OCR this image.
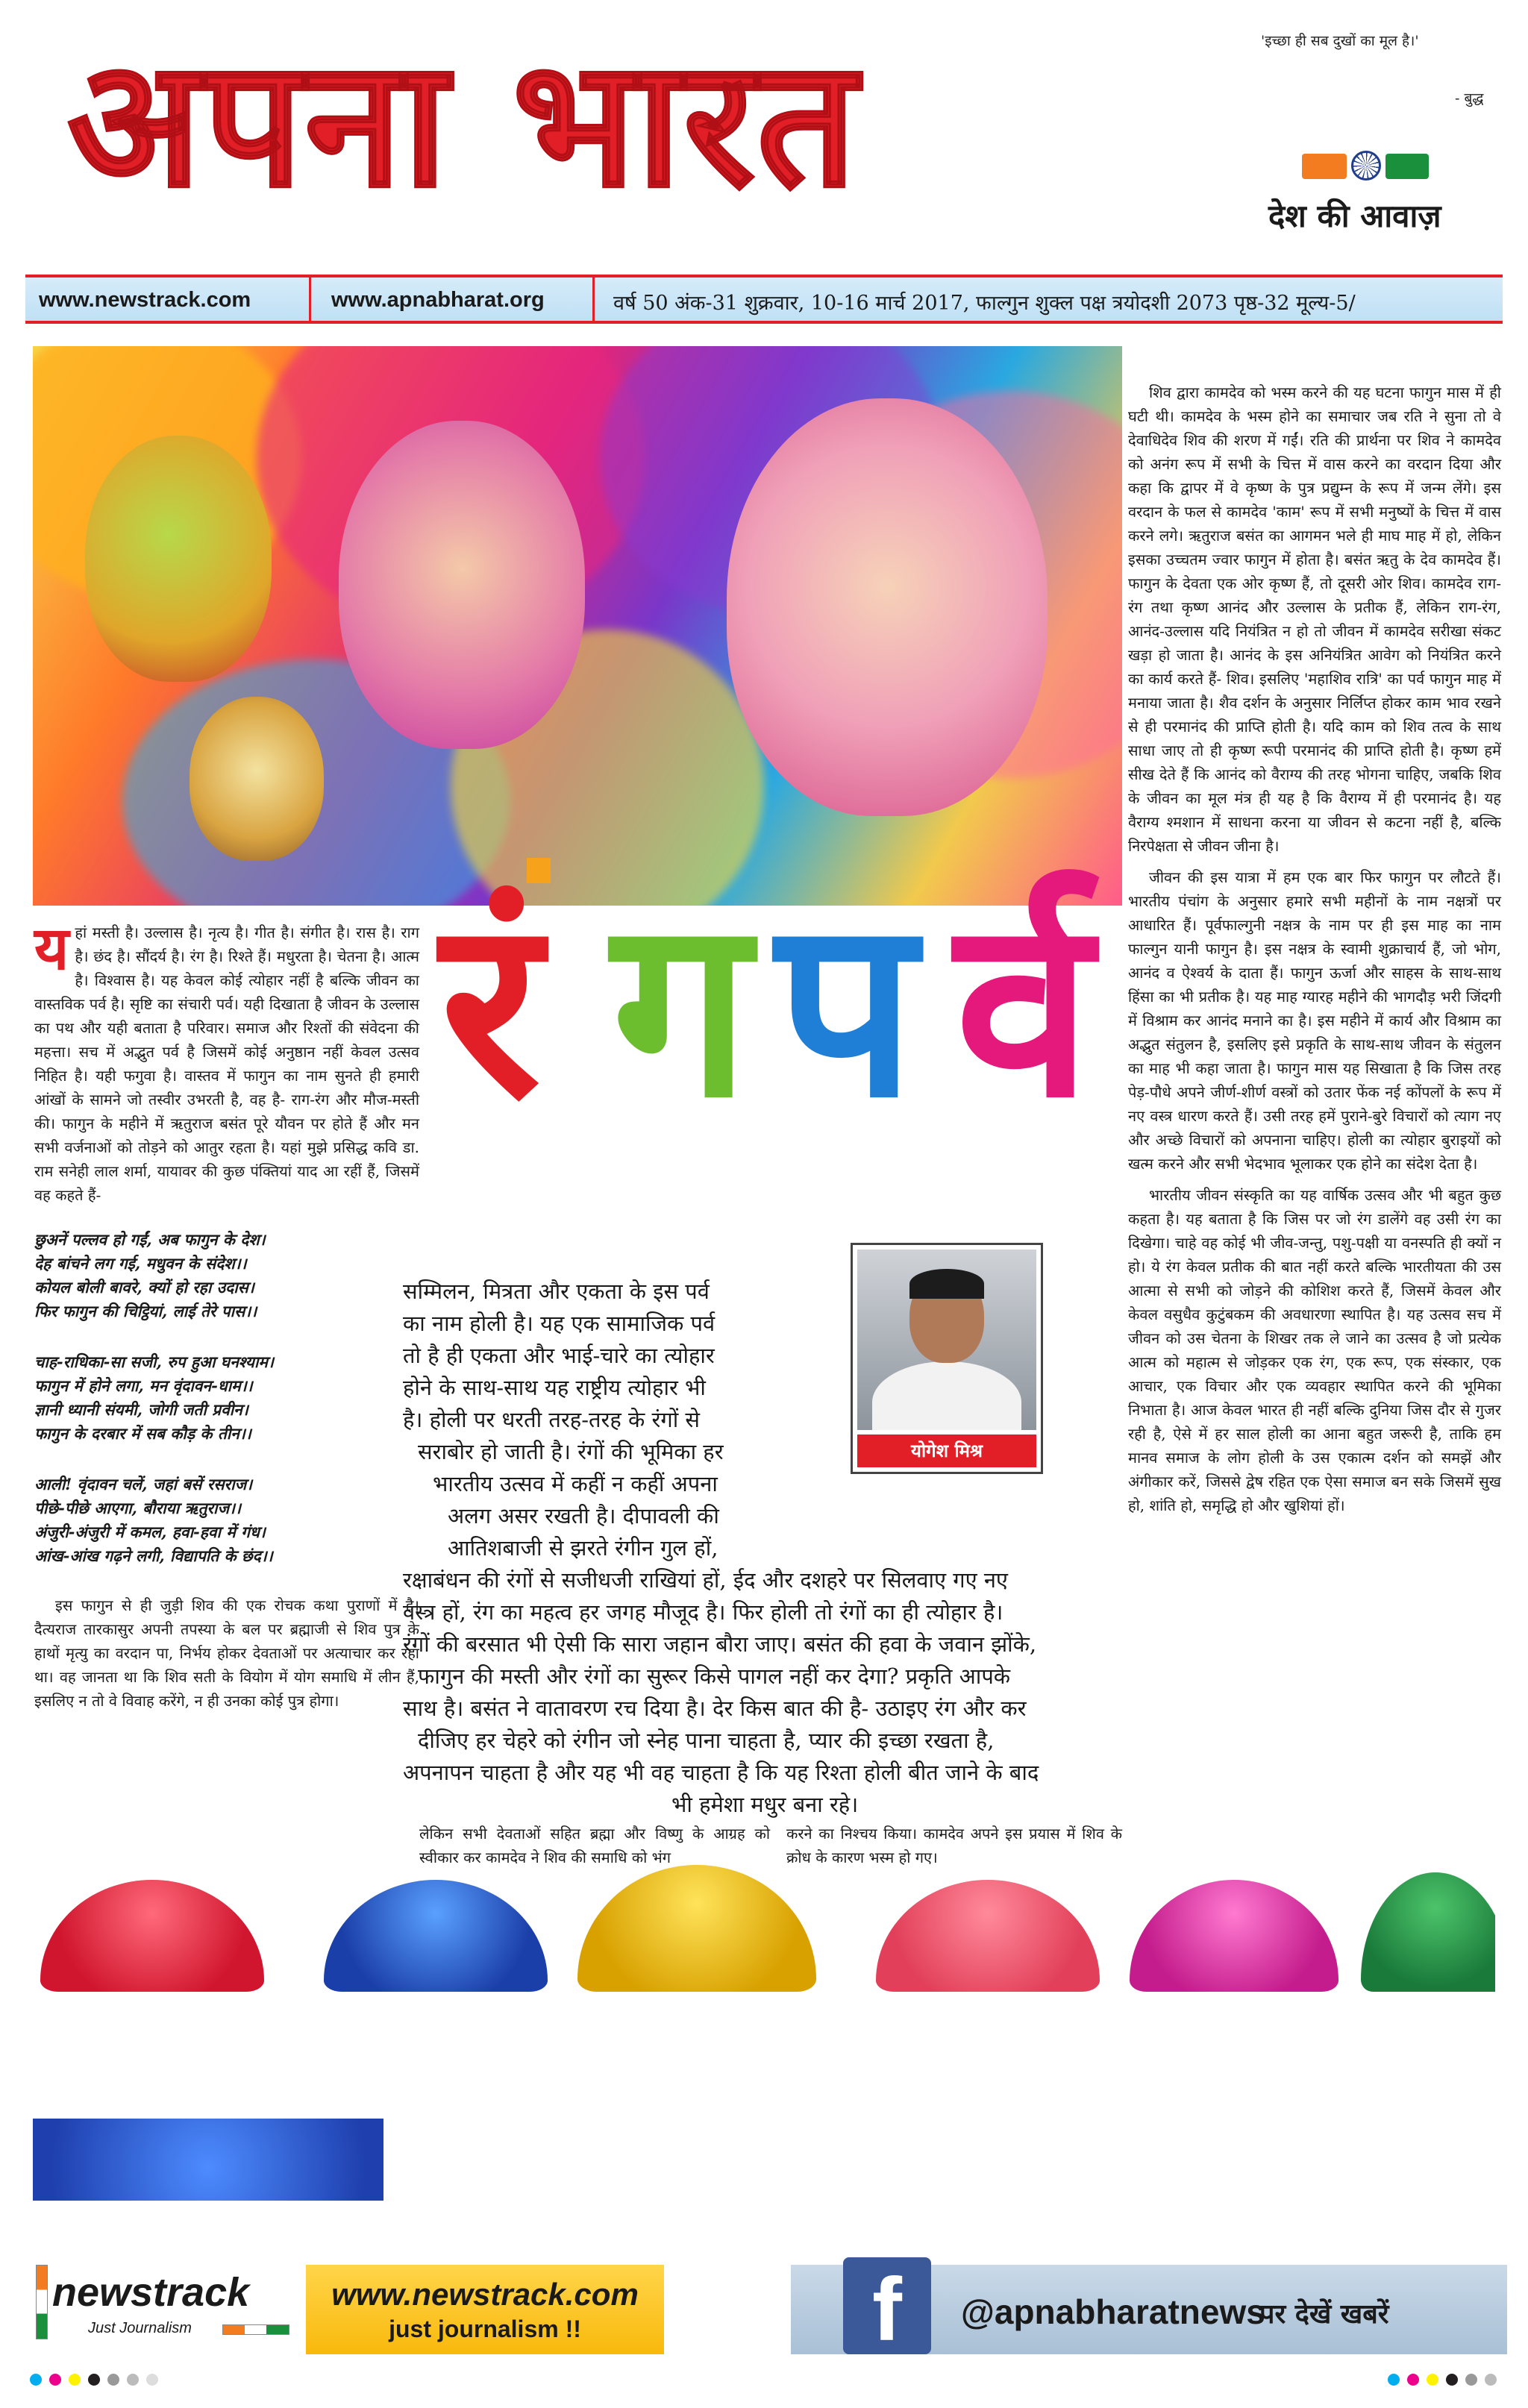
अपना भारत	'इच्छा ही सब दुखों का मूल है।'
- बुद्ध
देश की आवाज़
www.newstrack.com	www.apnabharat.org	वर्ष 50 अंक-31 शुक्रवार, 10-16 मार्च 2017, फाल्गुन शुक्ल पक्ष त्रयोदशी 2073 पृष्ठ-32 मूल्य-5/
रं ग प र्व

यहां मस्ती है। उल्लास है। नृत्य है। गीत है। संगीत है। रास है। राग है। छंद है। सौंदर्य है। रंग है। रिश्ते हैं। मधुरता है। चेतना है। आत्म है। विश्वास है। यह केवल कोई त्योहार नहीं है बल्कि जीवन का वास्तविक पर्व है। सृष्टि का संचारी पर्व। यही दिखाता है जीवन के उल्लास का पथ और यही बताता है परिवार। समाज और रिश्तों की संवेदना की महत्ता। सच में अद्भुत पर्व है जिसमें कोई अनुष्ठान नहीं केवल उत्सव निहित है। यही फगुवा है। वास्तव में फागुन का नाम सुनते ही हमारी आंखों के सामने जो तस्वीर उभरती है, वह है- राग-रंग और मौज-मस्ती की। फागुन के महीने में ऋतुराज बसंत पूरे यौवन पर होते हैं और मन सभी वर्जनाओं को तोड़ने को आतुर रहता है। यहां मुझे प्रसिद्ध कवि डा. राम सनेही लाल शर्मा, यायावर की कुछ पंक्तियां याद आ रहीं हैं, जिसमें वह कहते हैं-

छुअनें पल्लव हो गईं, अब फागुन के देश।
देह बांचने लग गई, मधुवन के संदेश।।
कोयल बोली बावरे, क्यों हो रहा उदास।
फिर फागुन की चिट्ठियां, लाई तेरे पास।।
चाह-राधिका-सा सजी, रुप हुआ घनश्याम।
फागुन में होने लगा, मन वृंदावन-धाम।।
ज्ञानी ध्यानी संयमी, जोगी जती प्रवीन।
फागुन के दरबार में सब कौड़ के तीन।।
आली! वृंदावन चलें, जहां बसें रसराज।
पीछे-पीछे आएगा, बौराया ऋतुराज।।
अंजुरी-अंजुरी में कमल, हवा-हवा में गंध।
आंख-आंख गढ़ने लगी, विद्यापति के छंद।।

इस फागुन से ही जुड़ी शिव की एक रोचक कथा पुराणों में है। दैत्यराज तारकासुर अपनी तपस्या के बल पर ब्रह्माजी से शिव पुत्र के हाथों मृत्यु का वरदान पा, निर्भय होकर देवताओं पर अत्याचार कर रहा था। वह जानता था कि शिव सती के वियोग में योग समाधि में लीन हैं, इसलिए न तो वे विवाह करेंगे, न ही उनका कोई पुत्र होगा।

सम्मिलन, मित्रता और एकता के इस पर्व
का नाम होली है। यह एक सामाजिक पर्व
तो है ही एकता और भाई-चारे का त्योहार
होने के साथ-साथ यह राष्ट्रीय त्योहार भी
है। होली पर धरती तरह-तरह के रंगों से
सराबोर हो जाती है। रंगों की भूमिका हर
भारतीय उत्सव में कहीं न कहीं अपना
अलग असर रखती है। दीपावली की
आतिशबाजी से झरते रंगीन गुल हों,
रक्षाबंधन की रंगों से सजीधजी राखियां हों, ईद और दशहरे पर सिलवाए गए नए
वस्त्र हों, रंग का महत्व हर जगह मौजूद है। फिर होली तो रंगों का ही त्योहार है।
रंगों की बरसात भी ऐसी कि सारा जहान बौरा जाए। बसंत की हवा के जवान झोंके,
फागुन की मस्ती और रंगों का सुरूर किसे पागल नहीं कर देगा? प्रकृति आपके
साथ है। बसंत ने वातावरण रच दिया है। देर किस बात की है- उठाइए रंग और कर
दीजिए हर चेहरे को रंगीन जो स्नेह पाना चाहता है, प्यार की इच्छा रखता है,
अपनापन चाहता है और यह भी वह चाहता है कि यह रिश्ता होली बीत जाने के बाद
भी हमेशा मधुर बना रहे।
योगेश मिश्र
लेकिन सभी देवताओं सहित ब्रह्मा और विष्णु के आग्रह को स्वीकार कर कामदेव ने शिव की समाधि को भंग
करने का निश्चय किया। कामदेव अपने इस प्रयास में शिव के क्रोध के कारण भस्म हो गए।

शिव द्वारा कामदेव को भस्म करने की यह घटना फागुन मास में ही घटी थी। कामदेव के भस्म होने का समाचार जब रति ने सुना तो वे देवाधिदेव शिव की शरण में गईं। रति की प्रार्थना पर शिव ने कामदेव को अनंग रूप में सभी के चित्त में वास करने का वरदान दिया और कहा कि द्वापर में वे कृष्ण के पुत्र प्रद्युम्न के रूप में जन्म लेंगे। इस वरदान के फल से कामदेव 'काम' रूप में सभी मनुष्यों के चित्त में वास करने लगे। ऋतुराज बसंत का आगमन भले ही माघ माह में हो, लेकिन इसका उच्चतम ज्वार फागुन में होता है। बसंत ऋतु के देव कामदेव हैं। फागुन के देवता एक ओर कृष्ण हैं, तो दूसरी ओर शिव। कामदेव राग-रंग तथा कृष्ण आनंद और उल्लास के प्रतीक हैं, लेकिन राग-रंग, आनंद-उल्लास यदि नियंत्रित न हो तो जीवन में कामदेव सरीखा संकट खड़ा हो जाता है। आनंद के इस अनियंत्रित आवेग को नियंत्रित करने का कार्य करते हैं- शिव। इसलिए 'महाशिव रात्रि' का पर्व फागुन माह में मनाया जाता है। शैव दर्शन के अनुसार निर्लिप्त होकर काम भाव रखने से ही परमानंद की प्राप्ति होती है। यदि काम को शिव तत्व के साथ साधा जाए तो ही कृष्ण रूपी परमानंद की प्राप्ति होती है। कृष्ण हमें सीख देते हैं कि आनंद को वैराग्य की तरह भोगना चाहिए, जबकि शिव के जीवन का मूल मंत्र ही यह है कि वैराग्य में ही परमानंद है। यह वैराग्य श्मशान में साधना करना या जीवन से कटना नहीं है, बल्कि निरपेक्षता से जीवन जीना है।

जीवन की इस यात्रा में हम एक बार फिर फागुन पर लौटते हैं। भारतीय पंचांग के अनुसार हमारे सभी महीनों के नाम नक्षत्रों पर आधारित हैं। पूर्वफाल्गुनी नक्षत्र के नाम पर ही इस माह का नाम फाल्गुन यानी फागुन है। इस नक्षत्र के स्वामी शुक्राचार्य हैं, जो भोग, आनंद व ऐश्वर्य के दाता हैं। फागुन ऊर्जा और साहस के साथ-साथ हिंसा का भी प्रतीक है। यह माह ग्यारह महीने की भागदौड़ भरी जिंदगी में विश्राम कर आनंद मनाने का है। इस महीने में कार्य और विश्राम का अद्भुत संतुलन है, इसलिए इसे प्रकृति के साथ-साथ जीवन के संतुलन का माह भी कहा जाता है। फागुन मास यह सिखाता है कि जिस तरह पेड़-पौधे अपने जीर्ण-शीर्ण वस्त्रों को उतार फेंक नई कोंपलों के रूप में नए वस्त्र धारण करते हैं। उसी तरह हमें पुराने-बुरे विचारों को त्याग नए और अच्छे विचारों को अपनाना चाहिए। होली का त्योहार बुराइयों को खत्म करने और सभी भेदभाव भूलाकर एक होने का संदेश देता है।

भारतीय जीवन संस्कृति का यह वार्षिक उत्सव और भी बहुत कुछ कहता है। यह बताता है कि जिस पर जो रंग डालेंगे वह उसी रंग का दिखेगा। चाहे वह कोई भी जीव-जन्तु, पशु-पक्षी या वनस्पति ही क्यों न हो। ये रंग केवल प्रतीक की बात नहीं करते बल्कि भारतीयता की उस आत्मा से सभी को जोड़ने की कोशिश करते हैं, जिसमें केवल और केवल वसुधैव कुटुंबकम की अवधारणा स्थापित है। यह उत्सव सच में जीवन को उस चेतना के शिखर तक ले जाने का उत्सव है जो प्रत्येक आत्म को महात्म से जोड़कर एक रंग, एक रूप, एक संस्कार, एक आचार, एक विचार और एक व्यवहार स्थापित करने की भूमिका निभाता है। आज केवल भारत ही नहीं बल्कि दुनिया जिस दौर से गुजर रही है, ऐसे में हर साल होली का आना बहुत जरूरी है, ताकि हम मानव समाज के लोग होली के उस एकात्म दर्शन को समझें और अंगीकार करें, जिससे द्वेष रहित एक ऐसा समाज बन सके जिसमें सुख हो, शांति हो, समृद्धि हो और खुशियां हों।

newstrack
Just Journalism
www.newstrack.com
just journalism !!	f	@apnabharatnews
पर देखें खबरें
